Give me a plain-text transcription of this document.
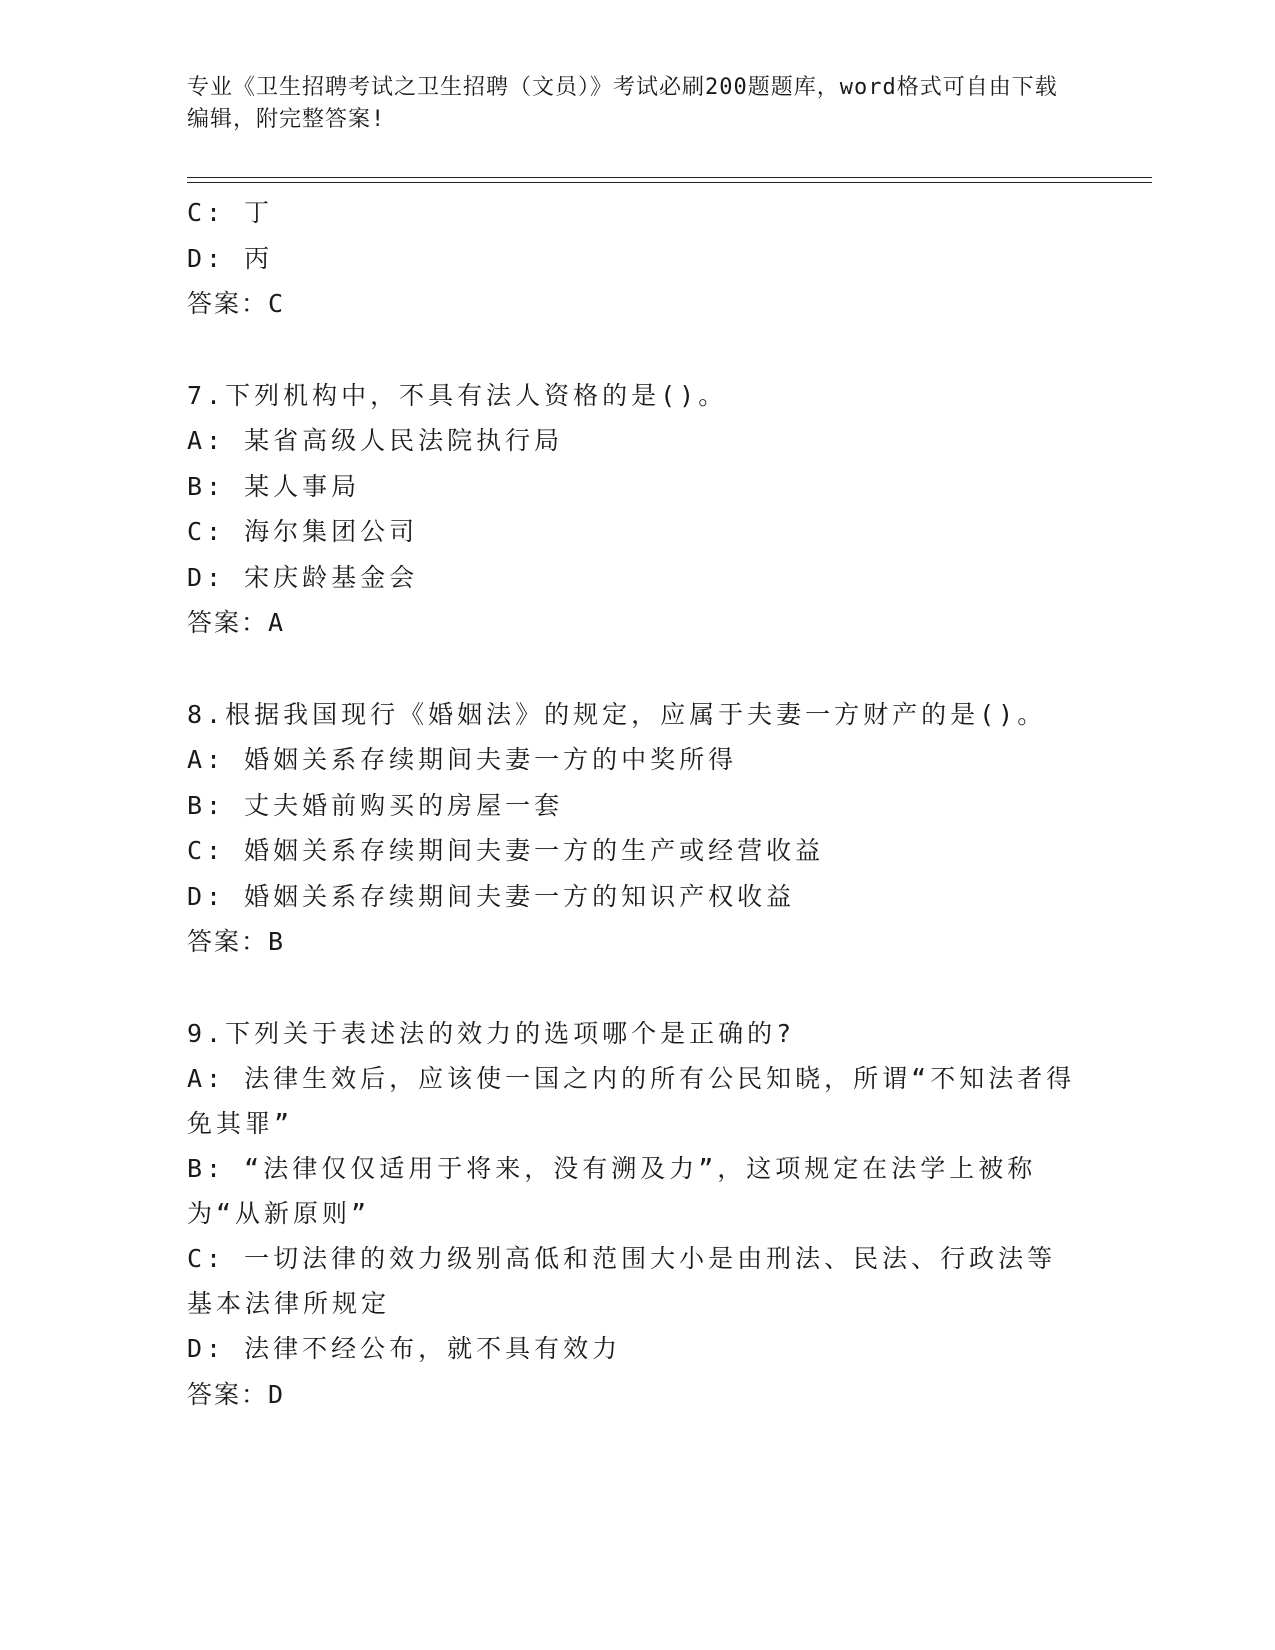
专业《卫生招聘考试之卫生招聘（文员）》考试必刷200题题库，word格式可自由下载编辑，附完整答案!
C: 丁
D: 丙
答案：C
7.下列机构中，不具有法人资格的是()。
A: 某省高级人民法院执行局
B: 某人事局
C: 海尔集团公司
D: 宋庆龄基金会
答案：A
8.根据我国现行《婚姻法》的规定，应属于夫妻一方财产的是()。
A: 婚姻关系存续期间夫妻一方的中奖所得
B: 丈夫婚前购买的房屋一套
C: 婚姻关系存续期间夫妻一方的生产或经营收益
D: 婚姻关系存续期间夫妻一方的知识产权收益
答案：B
9.下列关于表述法的效力的选项哪个是正确的?
A: 法律生效后，应该使一国之内的所有公民知晓，所谓“不知法者得免其罪”
B: “法律仅仅适用于将来，没有溯及力”，这项规定在法学上被称为“从新原则”
C: 一切法律的效力级别高低和范围大小是由刑法、民法、行政法等基本法律所规定
D: 法律不经公布，就不具有效力
答案：D
